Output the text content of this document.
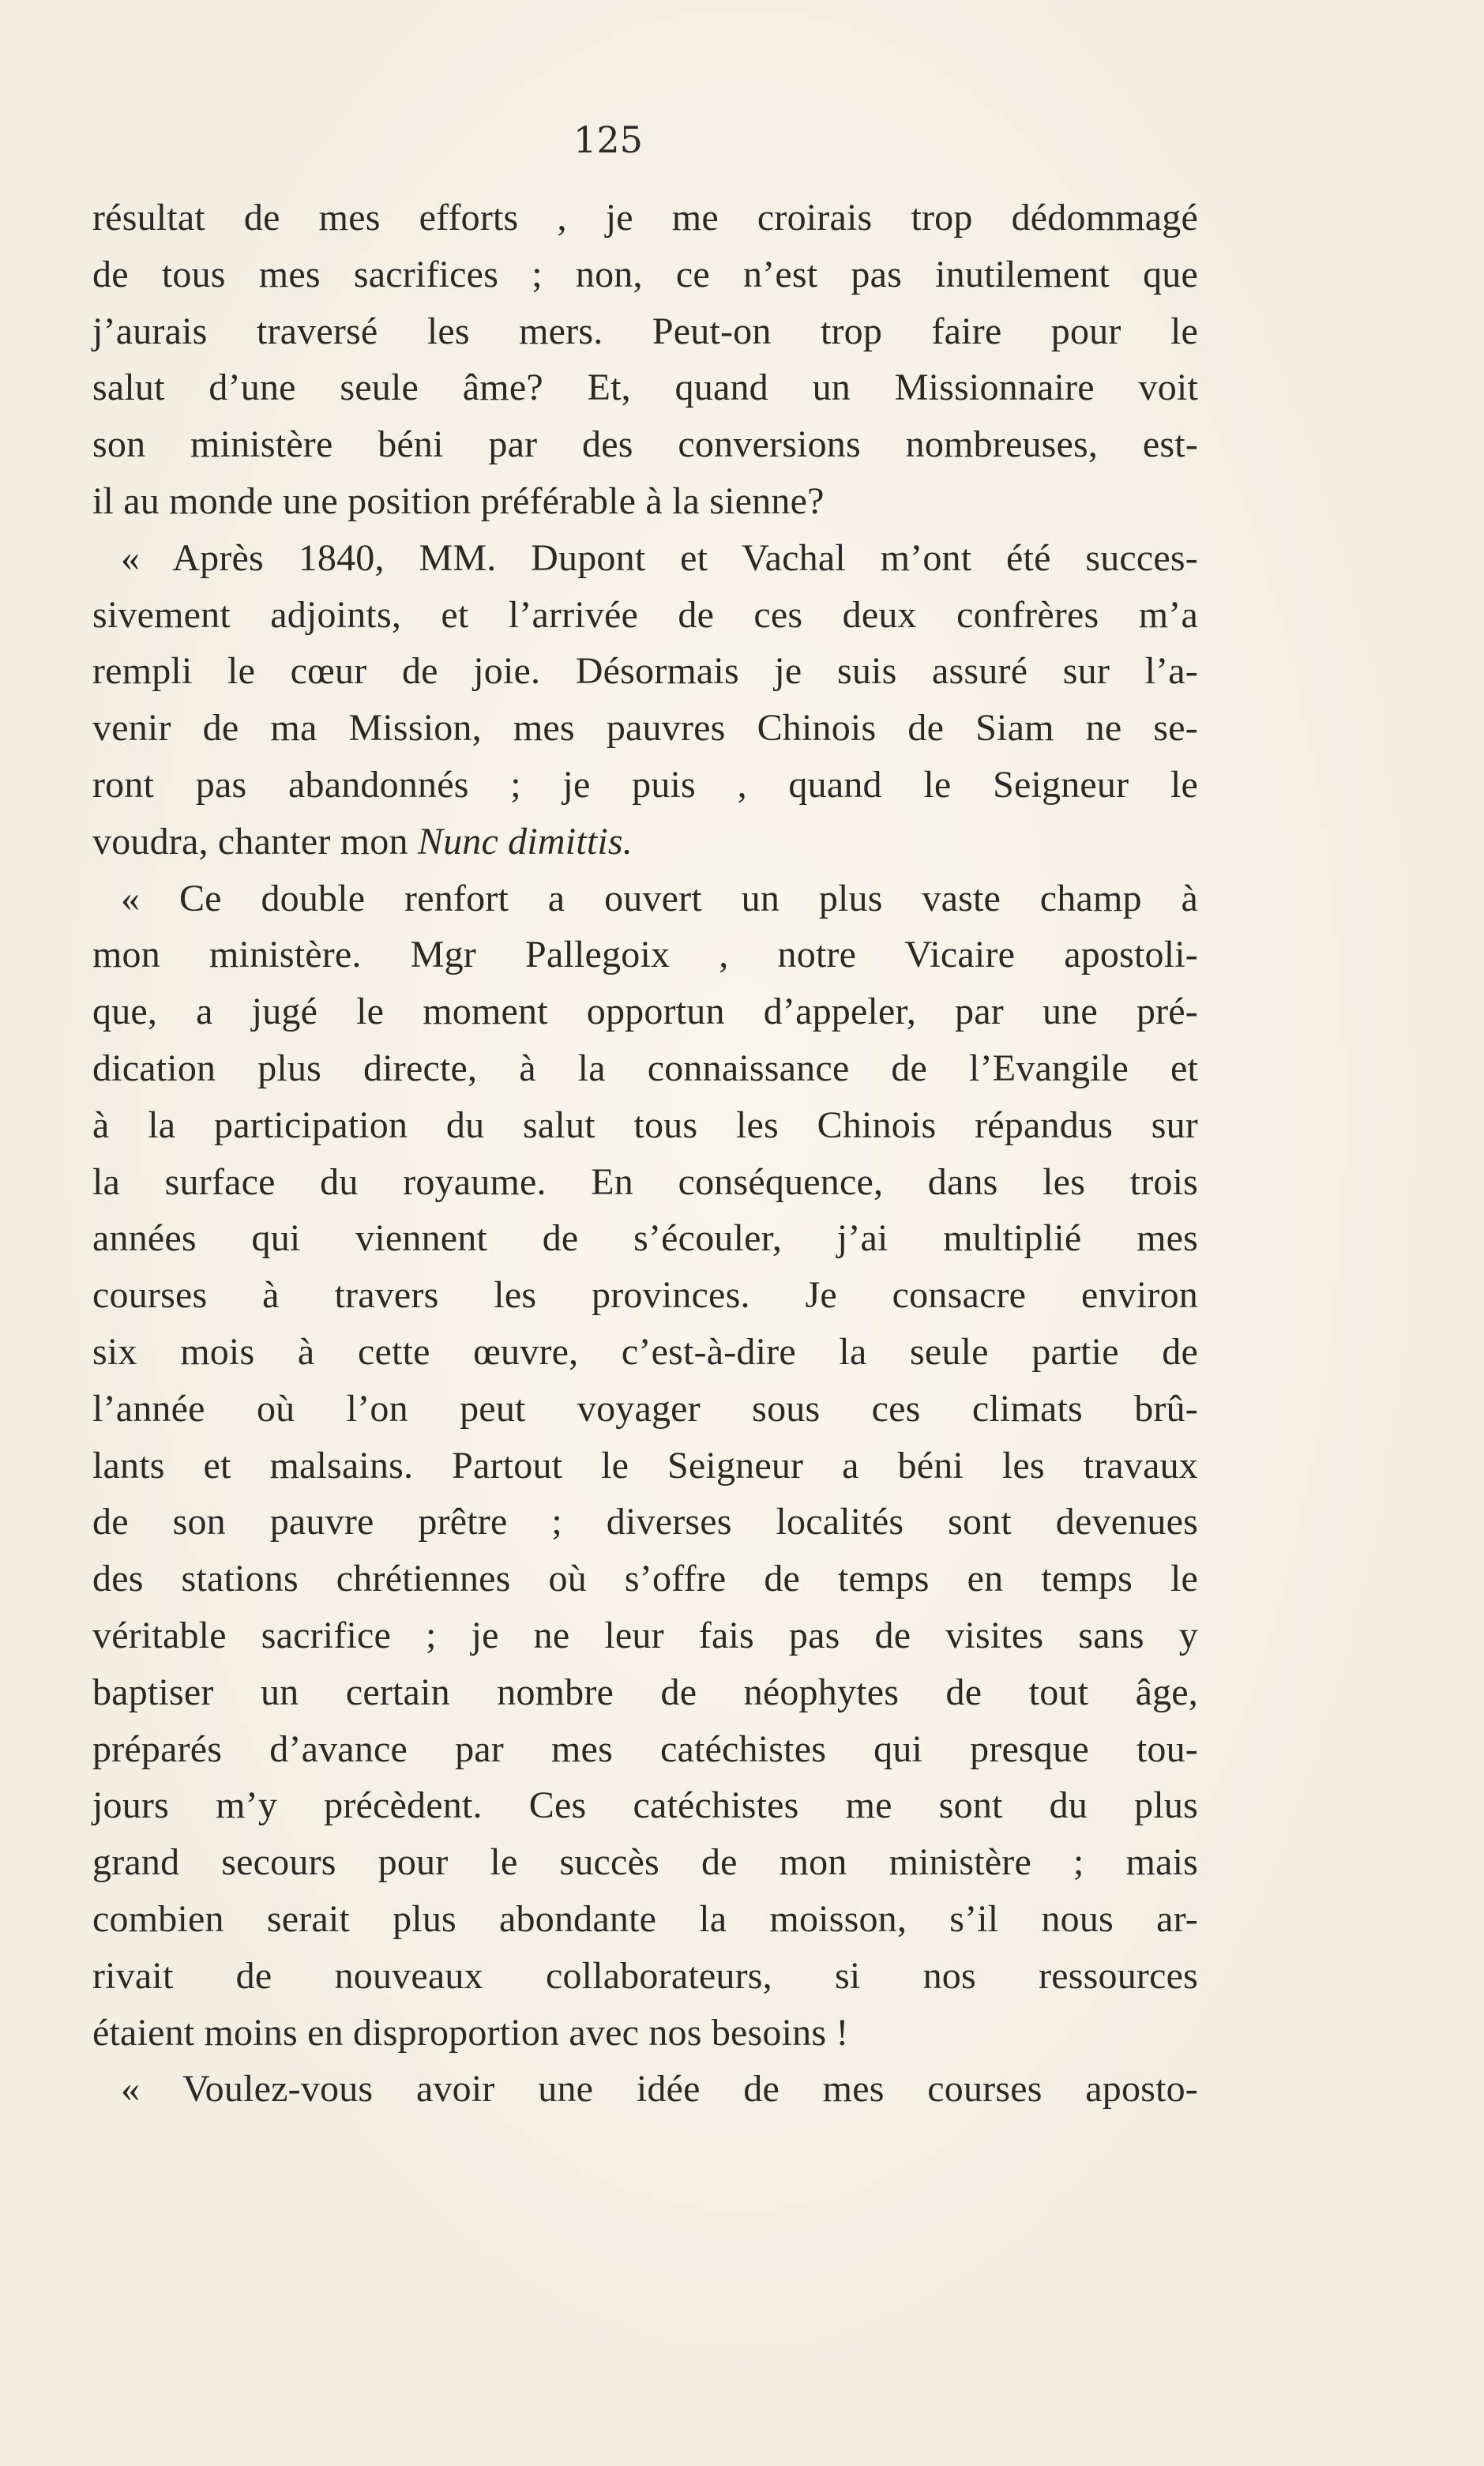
125
résultat de mes efforts , je me croirais trop dédommagé
de tous mes sacrifices ; non, ce n’est pas inutilement que
j’aurais traversé les mers. Peut-on trop faire pour le
salut d’une seule âme? Et, quand un Missionnaire voit
son ministère béni par des conversions nombreuses, est-
il au monde une position préférable à la sienne?
« Après 1840, MM. Dupont et Vachal m’ont été succes-
sivement adjoints, et l’arrivée de ces deux confrères m’a
rempli le cœur de joie. Désormais je suis assuré sur l’a-
venir de ma Mission, mes pauvres Chinois de Siam ne se-
ront pas abandonnés ; je puis , quand le Seigneur le
voudra, chanter mon Nunc dimittis.
« Ce double renfort a ouvert un plus vaste champ à
mon ministère. Mgr Pallegoix , notre Vicaire apostoli-
que, a jugé le moment opportun d’appeler, par une pré-
dication plus directe, à la connaissance de l’Evangile et
à la participation du salut tous les Chinois répandus sur
la surface du royaume. En conséquence, dans les trois
années qui viennent de s’écouler, j’ai multiplié mes
courses à travers les provinces. Je consacre environ
six mois à cette œuvre, c’est-à-dire la seule partie de
l’année où l’on peut voyager sous ces climats brû-
lants et malsains. Partout le Seigneur a béni les travaux
de son pauvre prêtre ; diverses localités sont devenues
des stations chrétiennes où s’offre de temps en temps le
véritable sacrifice ; je ne leur fais pas de visites sans y
baptiser un certain nombre de néophytes de tout âge,
préparés d’avance par mes catéchistes qui presque tou-
jours m’y précèdent. Ces catéchistes me sont du plus
grand secours pour le succès de mon ministère ; mais
combien serait plus abondante la moisson, s’il nous ar-
rivait de nouveaux collaborateurs, si nos ressources
étaient moins en disproportion avec nos besoins !
« Voulez-vous avoir une idée de mes courses aposto-
